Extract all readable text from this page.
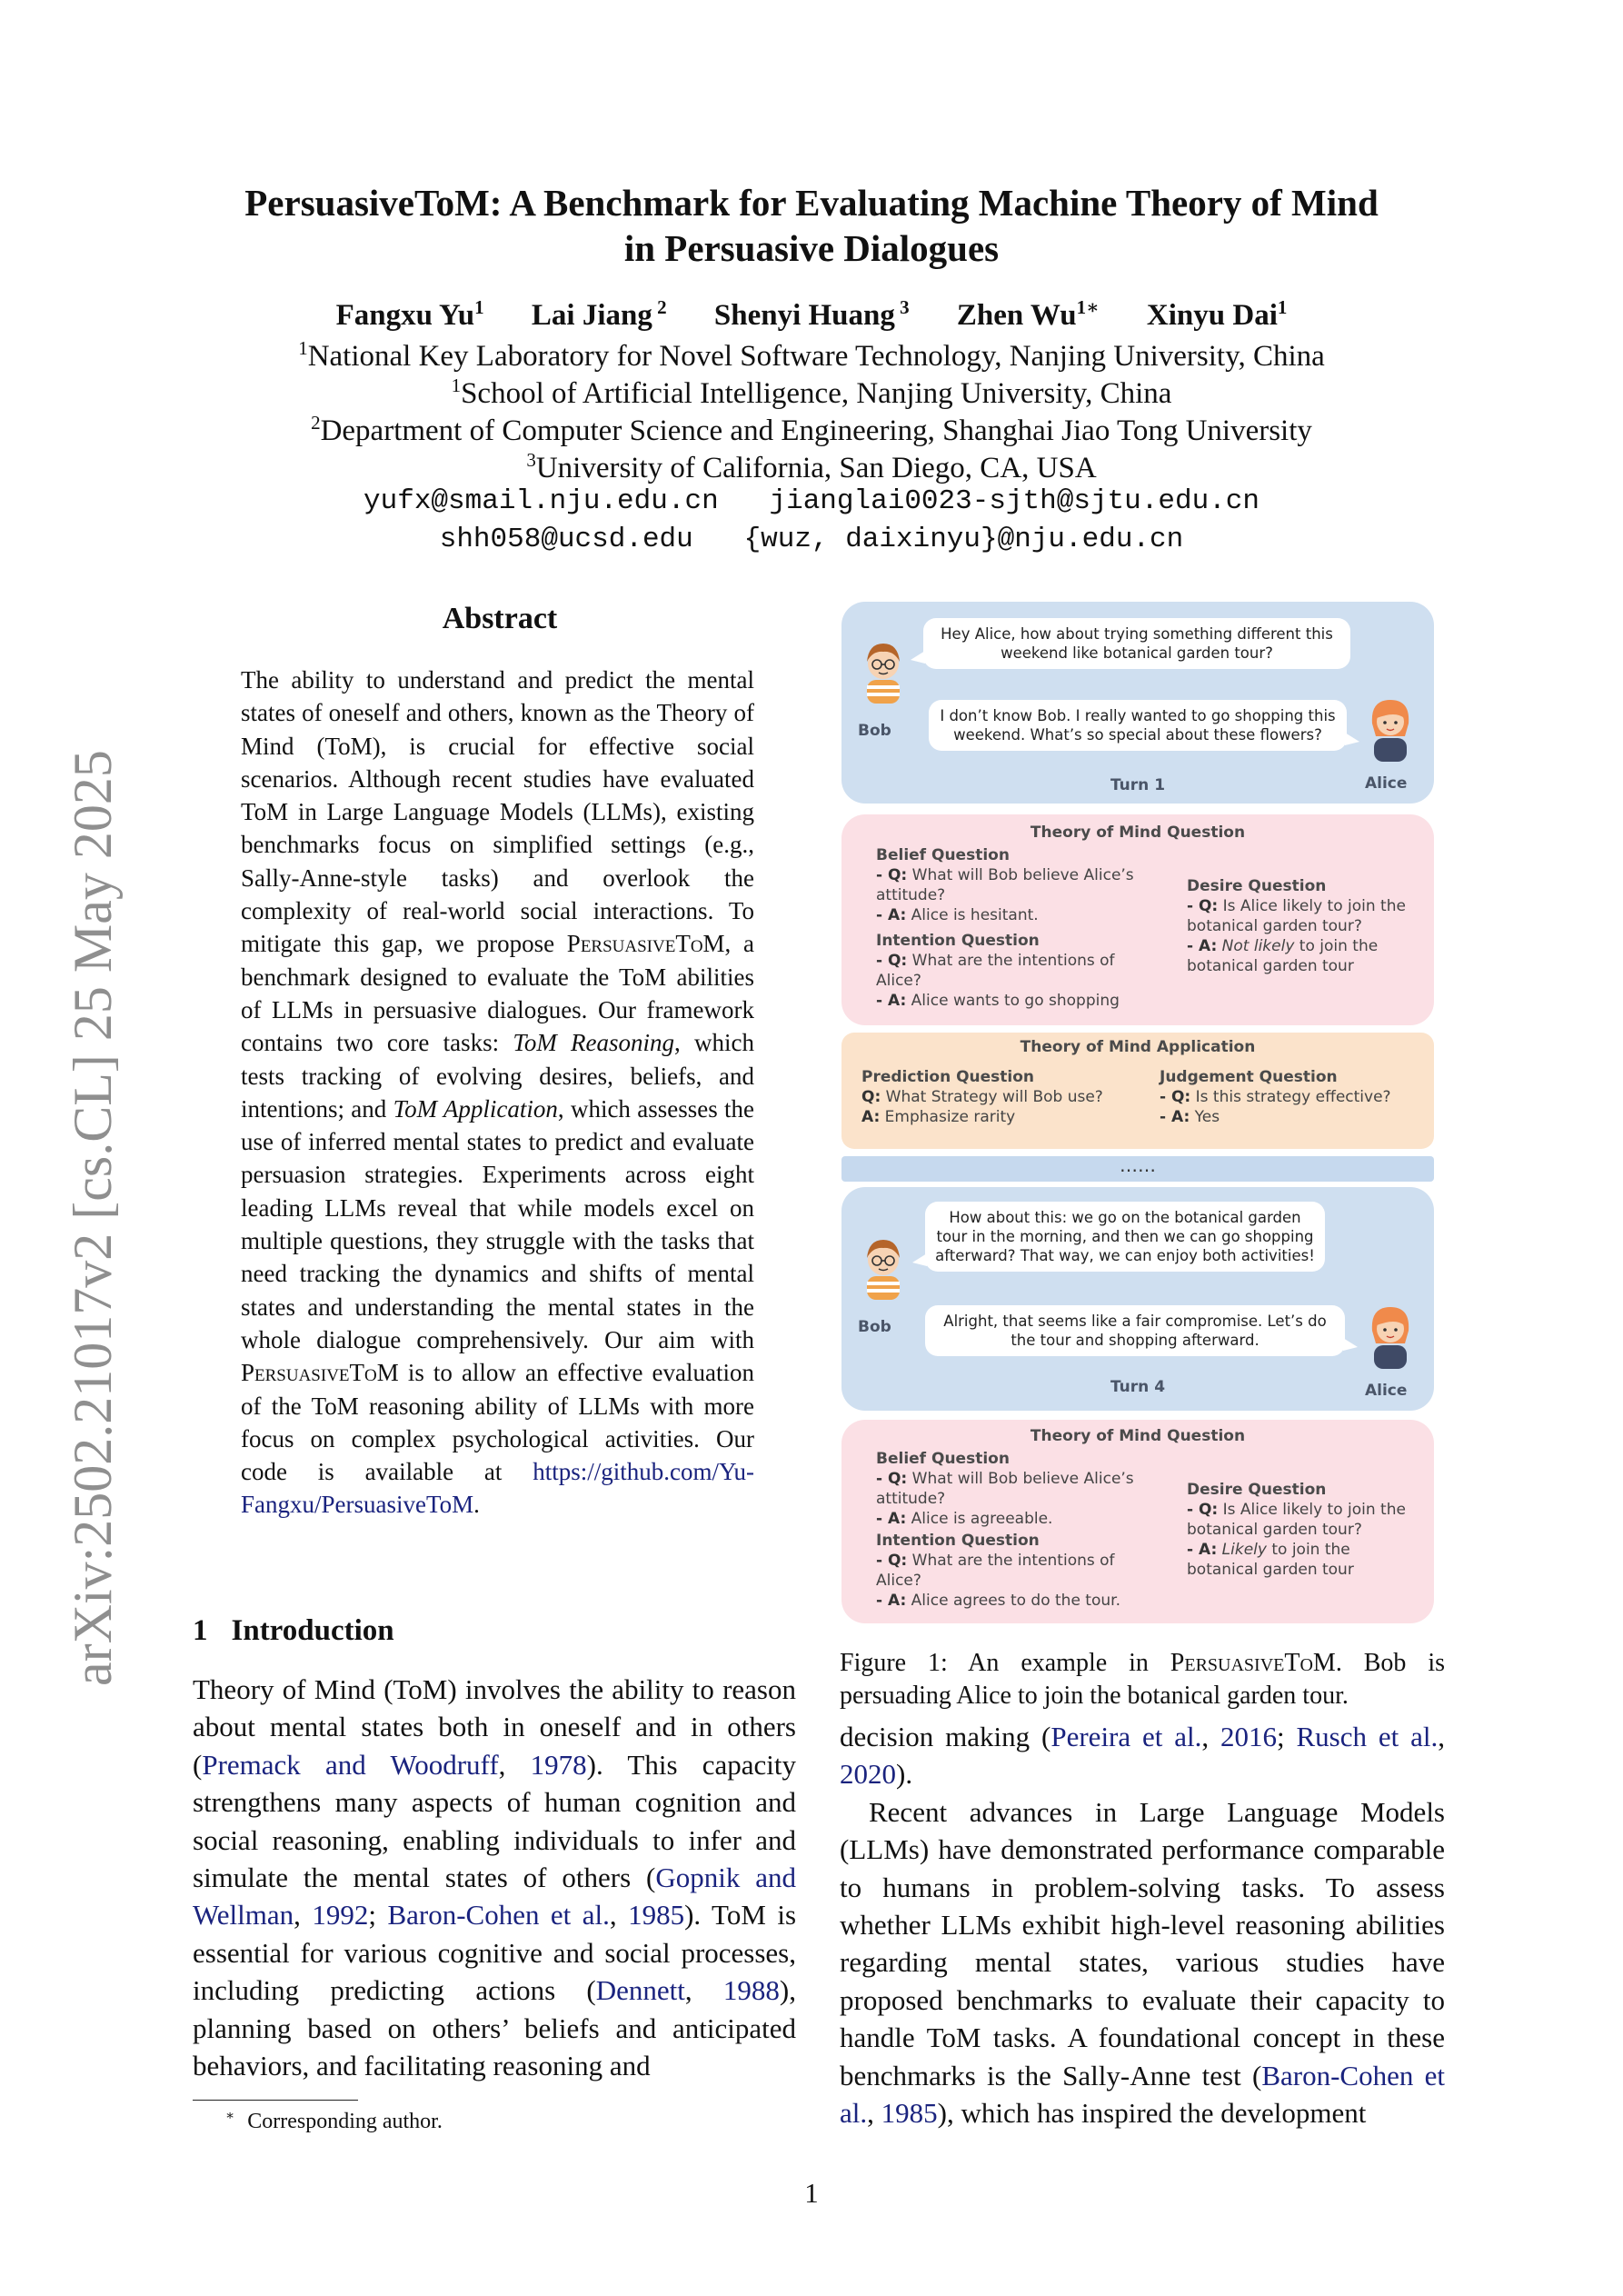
arXiv:2502.21017v2 [cs.CL] 25 May 2025
PersuasiveToM: A Benchmark for Evaluating Machine Theory of Mind
in Persuasive Dialogues
Fangxu Yu$^1$ Lai Jiang $^2$ Shenyi Huang $^3$ Zhen $Wu^{1∗}$ Xinyu Dai$^1$
$^1$National Key Laboratory for Novel Software Technology, Nanjing University, China
$^1$School of Artificial Intelligence, Nanjing University, China
$^2$Department of Computer Science and Engineering, Shanghai Jiao Tong University
$^3$University of California, San Diego, CA, USA
yufx@smail.nju.edu.cn   jianglai0023-sjth@sjtu.edu.cn
shh058@ucsd.edu   {wuz, daixinyu}@nju.edu.cn
Abstract
The ability to understand and predict the mental states of oneself and others, known as the Theory of Mind (ToM), is crucial for effective social scenarios. Although recent studies have evaluated ToM in Large Language Models (LLMs), existing benchmarks focus on simplified settings (e.g., Sally-Anne-style tasks) and overlook the complexity of real-world social interactions. To mitigate this gap, we propose PersuasiveToM, a benchmark designed to evaluate the ToM abilities of LLMs in persuasive dialogues. Our framework contains two core tasks: ToM Reasoning, which tests tracking of evolving desires, beliefs, and intentions; and ToM Application, which assesses the use of inferred mental states to predict and evaluate persuasion strategies. Experiments across eight leading LLMs reveal that while models excel on multiple questions, they struggle with the tasks that need tracking the dynamics and shifts of mental states and understanding the mental states in the whole dialogue comprehensively. Our aim with PersuasiveToM is to allow an effective evaluation of the ToM reasoning ability of LLMs with more focus on complex psychological activities. Our code is available at https://github.com/Yu-Fangxu/PersuasiveToM.
1 Introduction
Theory of Mind (ToM) involves the ability to reason about mental states both in oneself and in others (Premack and Woodruff, 1978). This capacity strengthens many aspects of human cognition and social reasoning, enabling individuals to infer and simulate the mental states of others (Gopnik and Wellman, 1992; Baron-Cohen et al., 1985). ToM is essential for various cognitive and social processes, including predicting actions (Dennett, 1988), planning based on others’ beliefs and anticipated behaviors, and facilitating reasoning and
∗ Corresponding author.
Bob
Hey Alice, how about trying something different this weekend like botanical garden tour?
I don’t know Bob. I really wanted to go shopping this weekend. What’s so special about these flowers?
Alice
Turn 1
Theory of Mind Question
Belief Question
- Q: What will Bob believe Alice’s attitude?
- A: Alice is hesitant.
Intention Question
- Q: What are the intentions of Alice?
- A: Alice wants to go shopping
Desire Question
- Q: Is Alice likely to join the botanical garden tour?
- A: Not likely to join the botanical garden tour
Theory of Mind Application
Prediction Question
Q: What Strategy will Bob use?
A: Emphasize rarity
Judgement Question
- Q: Is this strategy effective?
- A: Yes
……
Bob
How about this: we go on the botanical garden tour in the morning, and then we can go shopping afterward? That way, we can enjoy both activities!
Alright, that seems like a fair compromise. Let’s do the tour and shopping afterward.
Alice
Turn 4
Theory of Mind Question
Belief Question
- Q: What will Bob believe Alice’s attitude?
- A: Alice is agreeable.
Intention Question
- Q: What are the intentions of Alice?
- A: Alice agrees to do the tour.
Desire Question
- Q: Is Alice likely to join the botanical garden tour?
- A: Likely to join the botanical garden tour
Figure 1: An example in PersuasiveToM. Bob is persuading Alice to join the botanical garden tour.
decision making (Pereira et al., 2016; Rusch et al., 2020).
Recent advances in Large Language Models (LLMs) have demonstrated performance comparable to humans in problem-solving tasks. To assess whether LLMs exhibit high-level reasoning abilities regarding mental states, various studies have proposed benchmarks to evaluate their capacity to handle ToM tasks. A foundational concept in these benchmarks is the Sally-Anne test (Baron-Cohen et al., 1985), which has inspired the development
1
